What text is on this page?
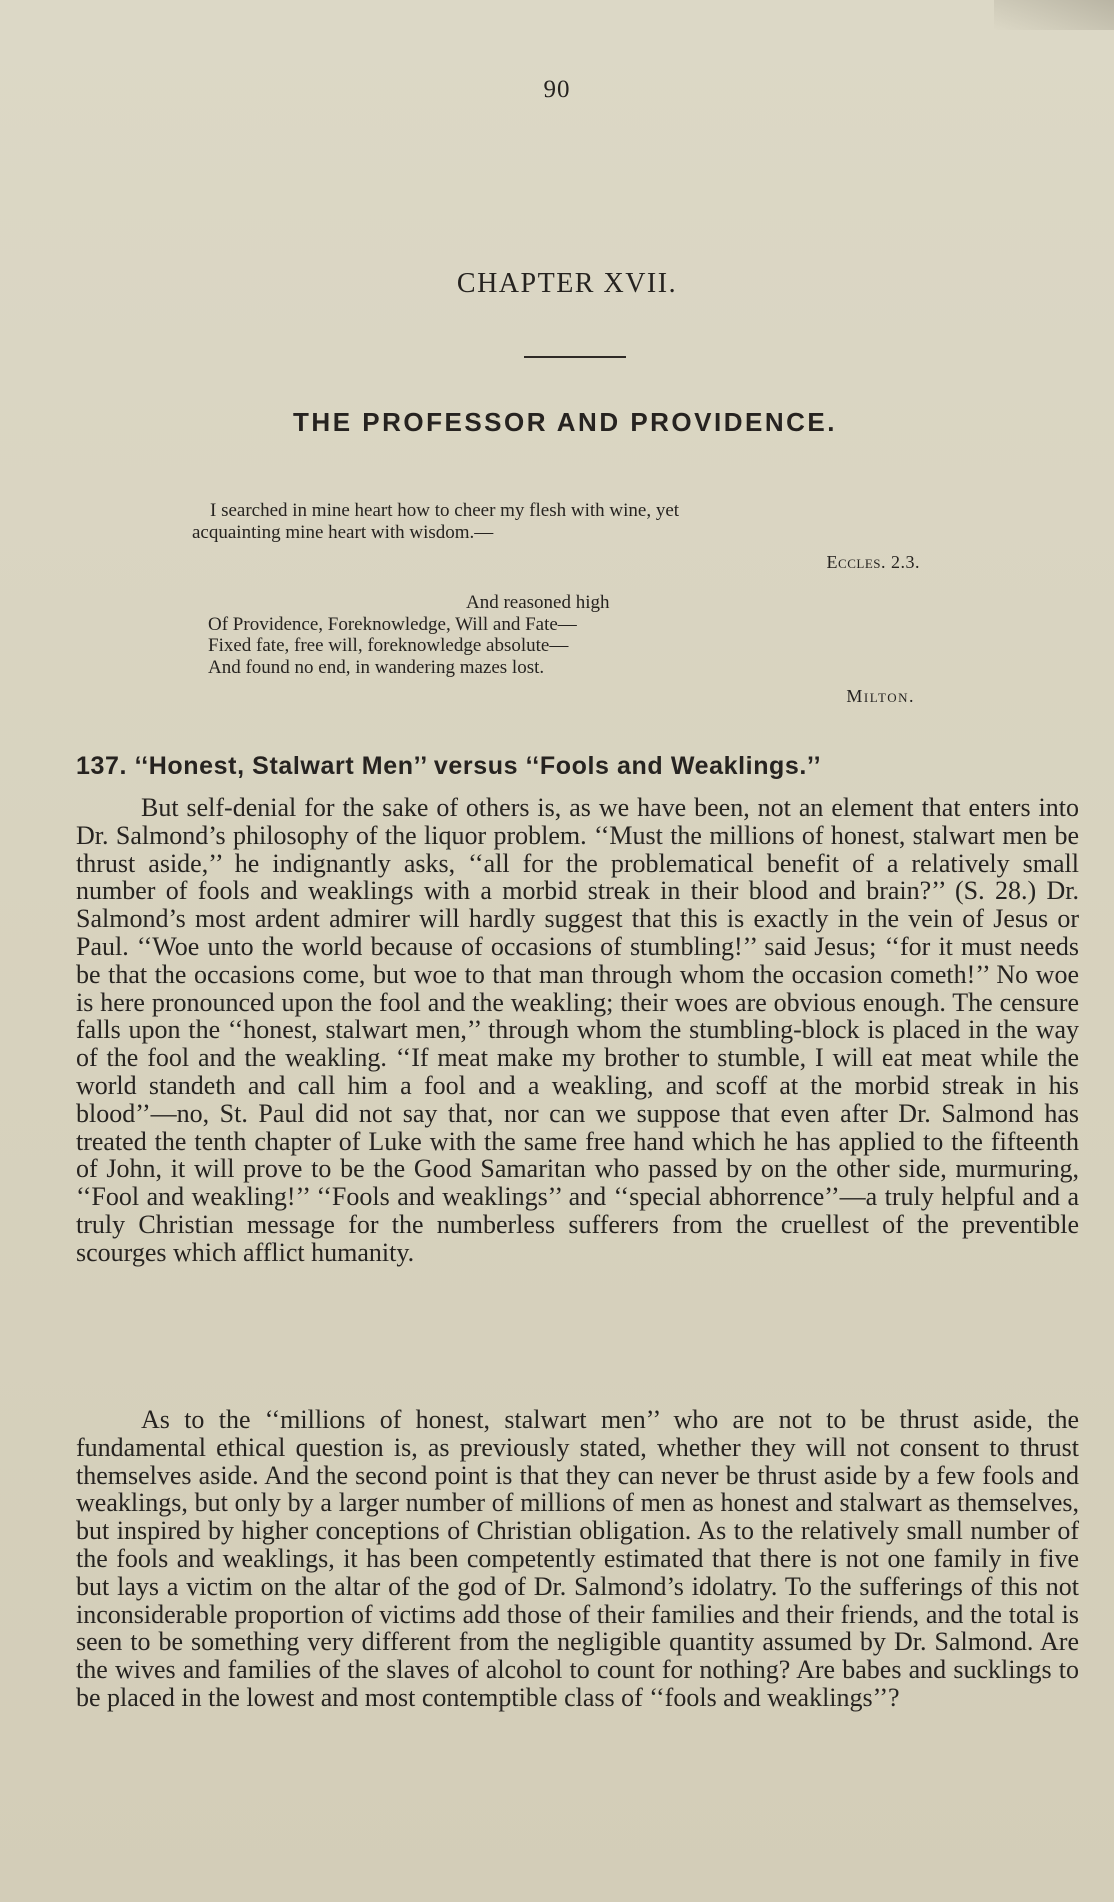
90
CHAPTER XVII.
THE PROFESSOR AND PROVIDENCE.
I searched in mine heart how to cheer my flesh with wine, yet
acquainting mine heart with wisdom.—
Eccles. 2.3.
And reasoned high
Of Providence, Foreknowledge, Will and Fate—
Fixed fate, free will, foreknowledge absolute—
And found no end, in wandering mazes lost.
Milton.
137. ‘‘Honest, Stalwart Men’’ versus ‘‘Fools and Weaklings.’’

But self-denial for the sake of others is, as we have been, not an element that enters into Dr. Salmond’s philosophy of the liquor problem. ‘‘Must the millions of honest, stalwart men be thrust aside,’’ he indignantly asks, ‘‘all for the problematical benefit of a relatively small number of fools and weaklings with a morbid streak in their blood and brain?’’ (S. 28.) Dr. Salmond’s most ardent admirer will hardly suggest that this is exactly in the vein of Jesus or Paul. ‘‘Woe unto the world because of occasions of stumbling!’’ said Jesus; ‘‘for it must needs be that the occasions come, but woe to that man through whom the occasion cometh!’’ No woe is here pronounced upon the fool and the weakling; their woes are obvious enough. The censure falls upon the ‘‘honest, stalwart men,’’ through whom the stumbling-block is placed in the way of the fool and the weakling. ‘‘If meat make my brother to stumble, I will eat meat while the world standeth and call him a fool and a weakling, and scoff at the morbid streak in his blood’’—no, St. Paul did not say that, nor can we suppose that even after Dr. Salmond has treated the tenth chapter of Luke with the same free hand which he has applied to the fifteenth of John, it will prove to be the Good Samaritan who passed by on the other side, murmuring, ‘‘Fool and weakling!’’ ‘‘Fools and weaklings’’ and ‘‘special abhorrence’’—a truly helpful and a truly Christian message for the numberless sufferers from the cruellest of the preventible scourges which afflict humanity.

As to the ‘‘millions of honest, stalwart men’’ who are not to be thrust aside, the fundamental ethical question is, as previously stated, whether they will not consent to thrust themselves aside. And the second point is that they can never be thrust aside by a few fools and weaklings, but only by a larger number of millions of men as honest and stalwart as themselves, but inspired by higher conceptions of Christian obligation. As to the relatively small number of the fools and weaklings, it has been competently estimated that there is not one family in five but lays a victim on the altar of the god of Dr. Salmond’s idolatry. To the sufferings of this not inconsiderable proportion of victims add those of their families and their friends, and the total is seen to be something very different from the negligible quantity assumed by Dr. Salmond. Are the wives and families of the slaves of alcohol to count for nothing? Are babes and sucklings to be placed in the lowest and most contemptible class of ‘‘fools and weaklings’’?
